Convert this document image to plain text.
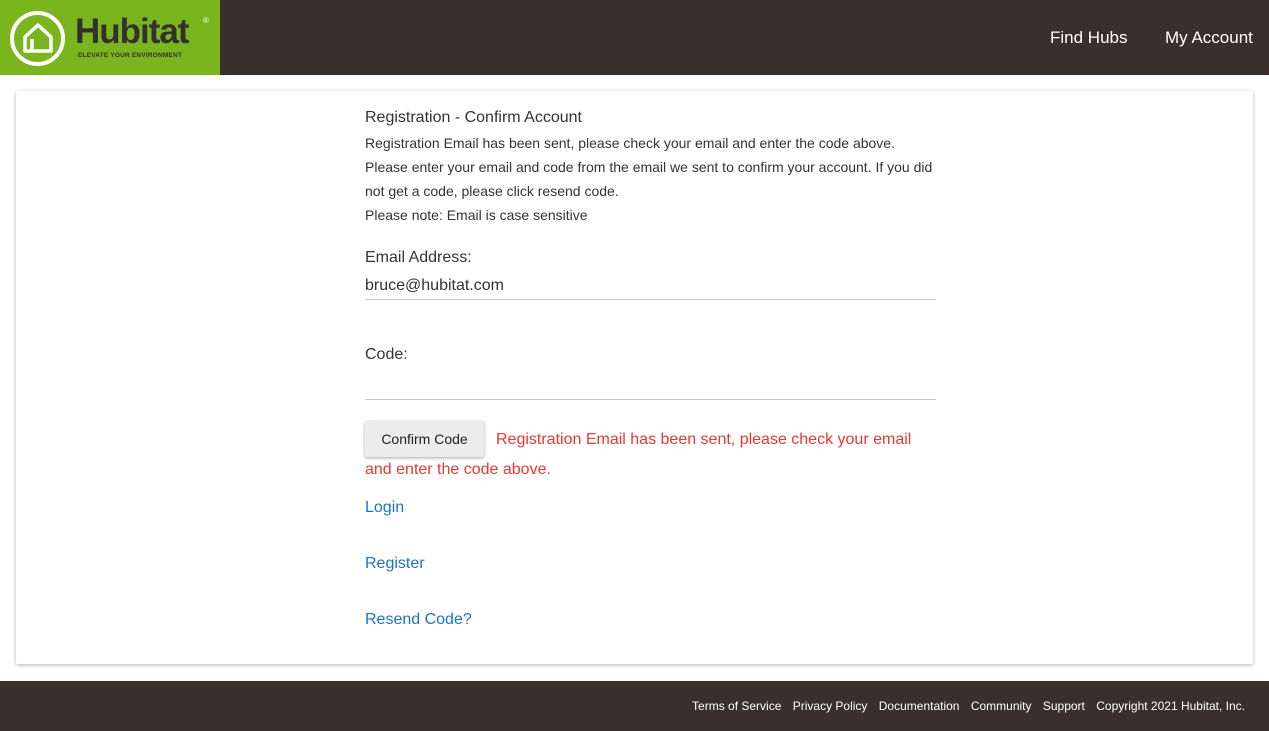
Hubitat ®
ELEVATE YOUR ENVIRONMENT
Find Hubs My Account
Registration - Confirm Account
Registration Email has been sent, please check your email and enter the code above.
Please enter your email and code from the email we sent to confirm your account. If you did not get a code, please click resend code.
Please note: Email is case sensitive
Email Address:
bruce@hubitat.com
Code:
Registration Email has been sent, please check your email and enter the code above.
Confirm Code
Login
Register
Resend Code?
Terms of Service Privacy Policy Documentation Community Support Copyright 2021 Hubitat, Inc.
